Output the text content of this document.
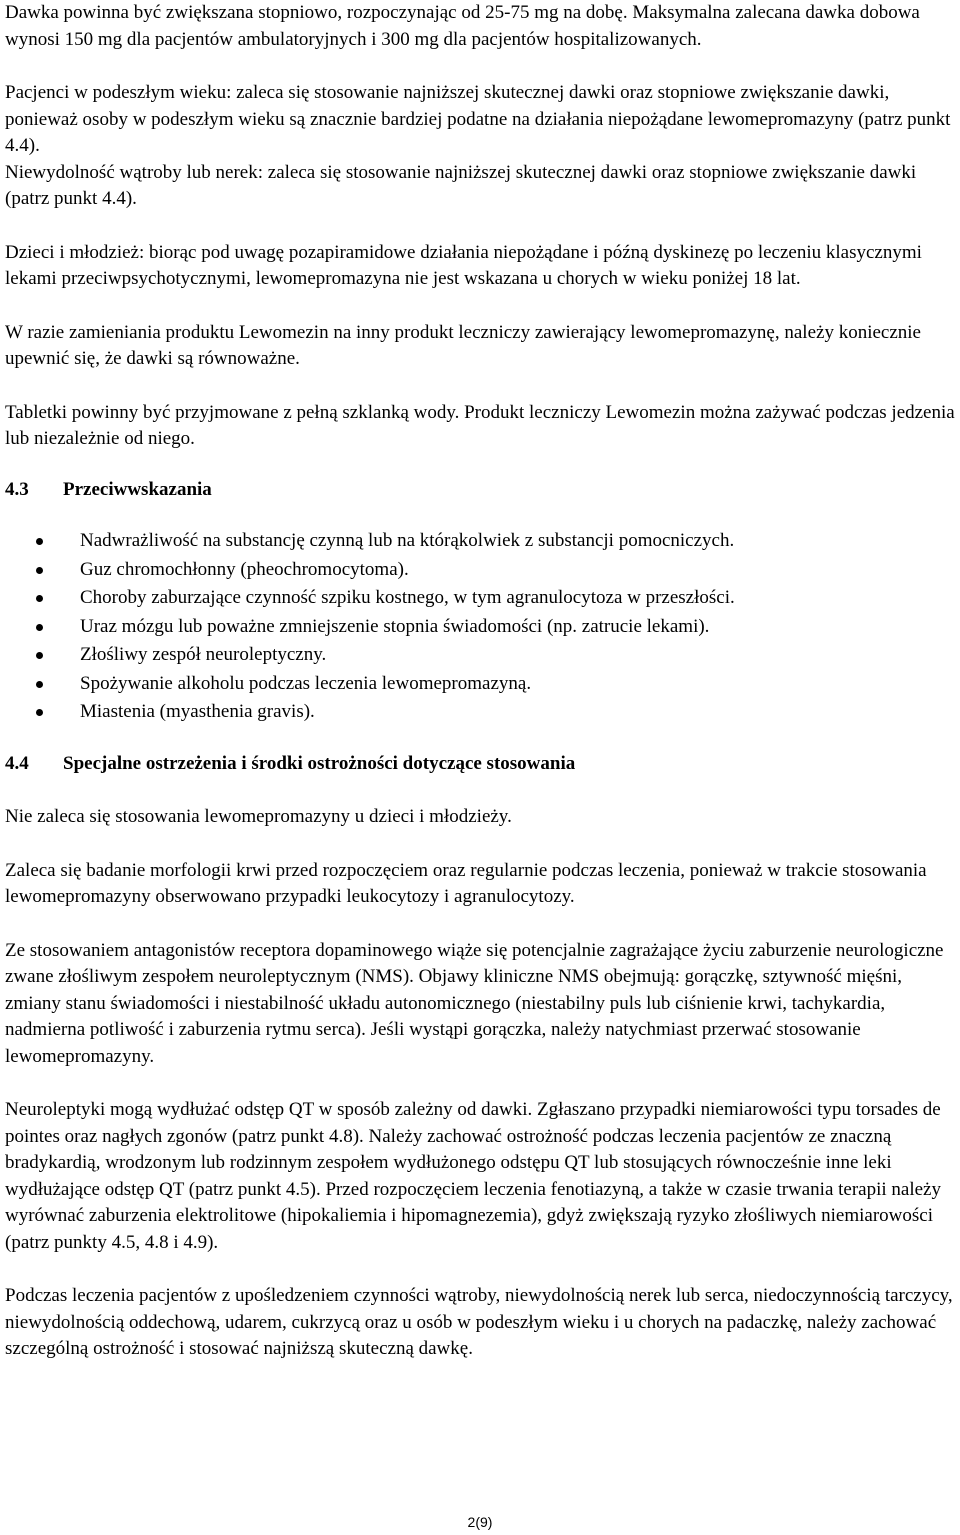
Dawka powinna być zwiększana stopniowo, rozpoczynając od 25-75 mg na dobę. Maksymalna zalecana dawka dobowa wynosi 150 mg dla pacjentów ambulatoryjnych i 300 mg dla pacjentów hospitalizowanych.

Pacjenci w podeszłym wieku: zaleca się stosowanie najniższej skutecznej dawki oraz stopniowe zwiększanie dawki, ponieważ osoby w podeszłym wieku są znacznie bardziej podatne na działania niepożądane lewomepromazyny (patrz punkt 4.4).

Niewydolność wątroby lub nerek: zaleca się stosowanie najniższej skutecznej dawki oraz stopniowe zwiększanie dawki (patrz punkt 4.4).

Dzieci i młodzież: biorąc pod uwagę pozapiramidowe działania niepożądane i późną dyskinezę po leczeniu klasycznymi lekami przeciwpsychotycznymi, lewomepromazyna nie jest wskazana u chorych w wieku poniżej 18 lat.

W razie zamieniania produktu Lewomezin na inny produkt leczniczy zawierający lewomepromazynę, należy koniecznie upewnić się, że dawki są równoważne.

Tabletki powinny być przyjmowane z pełną szklanką wody. Produkt leczniczy Lewomezin można zażywać podczas jedzenia lub niezależnie od niego.

4.3 Przeciwwskazania
Nadwrażliwość na substancję czynną lub na którąkolwiek z substancji pomocniczych.
Guz chromochłonny (pheochromocytoma).
Choroby zaburzające czynność szpiku kostnego, w tym agranulocytoza w przeszłości.
Uraz mózgu lub poważne zmniejszenie stopnia świadomości (np. zatrucie lekami).
Złośliwy zespół neuroleptyczny.
Spożywanie alkoholu podczas leczenia lewomepromazyną.
Miastenia (myasthenia gravis).
4.4 Specjalne ostrzeżenia i środki ostrożności dotyczące stosowania

Nie zaleca się stosowania lewomepromazyny u dzieci i młodzieży.

Zaleca się badanie morfologii krwi przed rozpoczęciem oraz regularnie podczas leczenia, ponieważ w trakcie stosowania lewomepromazyny obserwowano przypadki leukocytozy i agranulocytozy.

Ze stosowaniem antagonistów receptora dopaminowego wiąże się potencjalnie zagrażające życiu zaburzenie neurologiczne zwane złośliwym zespołem neuroleptycznym (NMS). Objawy kliniczne NMS obejmują: gorączkę, sztywność mięśni, zmiany stanu świadomości i niestabilność układu autonomicznego (niestabilny puls lub ciśnienie krwi, tachykardia, nadmierna potliwość i zaburzenia rytmu serca). Jeśli wystąpi gorączka, należy natychmiast przerwać stosowanie lewomepromazyny.

Neuroleptyki mogą wydłużać odstęp QT w sposób zależny od dawki. Zgłaszano przypadki niemiarowości typu torsades de pointes oraz nagłych zgonów (patrz punkt 4.8). Należy zachować ostrożność podczas leczenia pacjentów ze znaczną bradykardią, wrodzonym lub rodzinnym zespołem wydłużonego odstępu QT lub stosujących równocześnie inne leki wydłużające odstęp QT (patrz punkt 4.5). Przed rozpoczęciem leczenia fenotiazyną, a także w czasie trwania terapii należy wyrównać zaburzenia elektrolitowe (hipokaliemia i hipomagnezemia), gdyż zwiększają ryzyko złośliwych niemiarowości (patrz punkty 4.5, 4.8 i 4.9).

Podczas leczenia pacjentów z upośledzeniem czynności wątroby, niewydolnością nerek lub serca, niedoczynnością tarczycy, niewydolnością oddechową, udarem, cukrzycą oraz u osób w podeszłym wieku i u chorych na padaczkę, należy zachować szczególną ostrożność i stosować najniższą skuteczną dawkę.

2(9)
